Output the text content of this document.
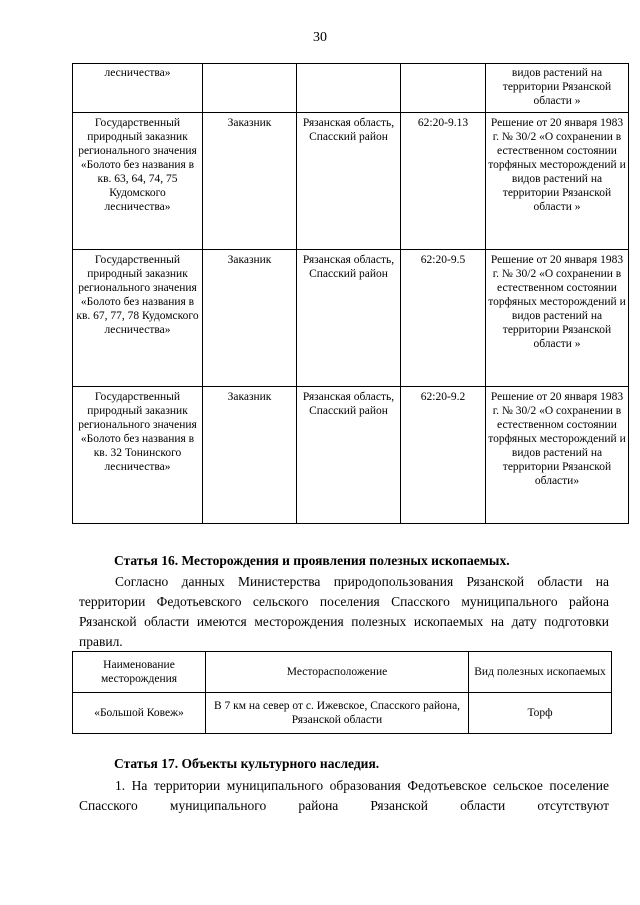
30
лесничества»				видов растений на территории Рязанской области »
Государственный природный заказник регионального значения «Болото без названия в кв. 63, 64, 74, 75 Кудомского лесничества»	Заказник	Рязанская область, Спасский район	62:20-9.13	Решение от 20 января 1983 г. № 30/2 «О сохранении в естественном состоянии торфяных месторождений и видов растений на территории Рязанской области »
Государственный природный заказник регионального значения «Болото без названия в кв. 67, 77, 78 Кудомского лесничества»	Заказник	Рязанская область, Спасский район	62:20-9.5	Решение от 20 января 1983 г. № 30/2 «О сохранении в естественном состоянии торфяных месторождений и видов растений на территории Рязанской области »
Государственный природный заказник регионального значения «Болото без названия в кв. 32 Тонинского лесничества»	Заказник	Рязанская область, Спасский район	62:20-9.2	Решение от 20 января 1983 г. № 30/2 «О сохранении в естественном состоянии торфяных месторождений и видов растений на территории Рязанской области»
Статья 16. Месторождения и проявления полезных ископаемых.
Согласно данных Министерства природопользования Рязанской области на территории Федотьевского сельского поселения Спасского муниципального района Рязанской области имеются месторождения полезных ископаемых на дату подготовки правил.
Наименование месторождения	Месторасположение	Вид полезных ископаемых
«Большой Ковеж»	В 7 км на север от с. Ижевское, Спасского района, Рязанской области	Торф
Статья 17. Объекты культурного наследия.
1. На территории муниципального образования Федотьевское сельское поселение Спасского муниципального района Рязанской области отсутствуют
